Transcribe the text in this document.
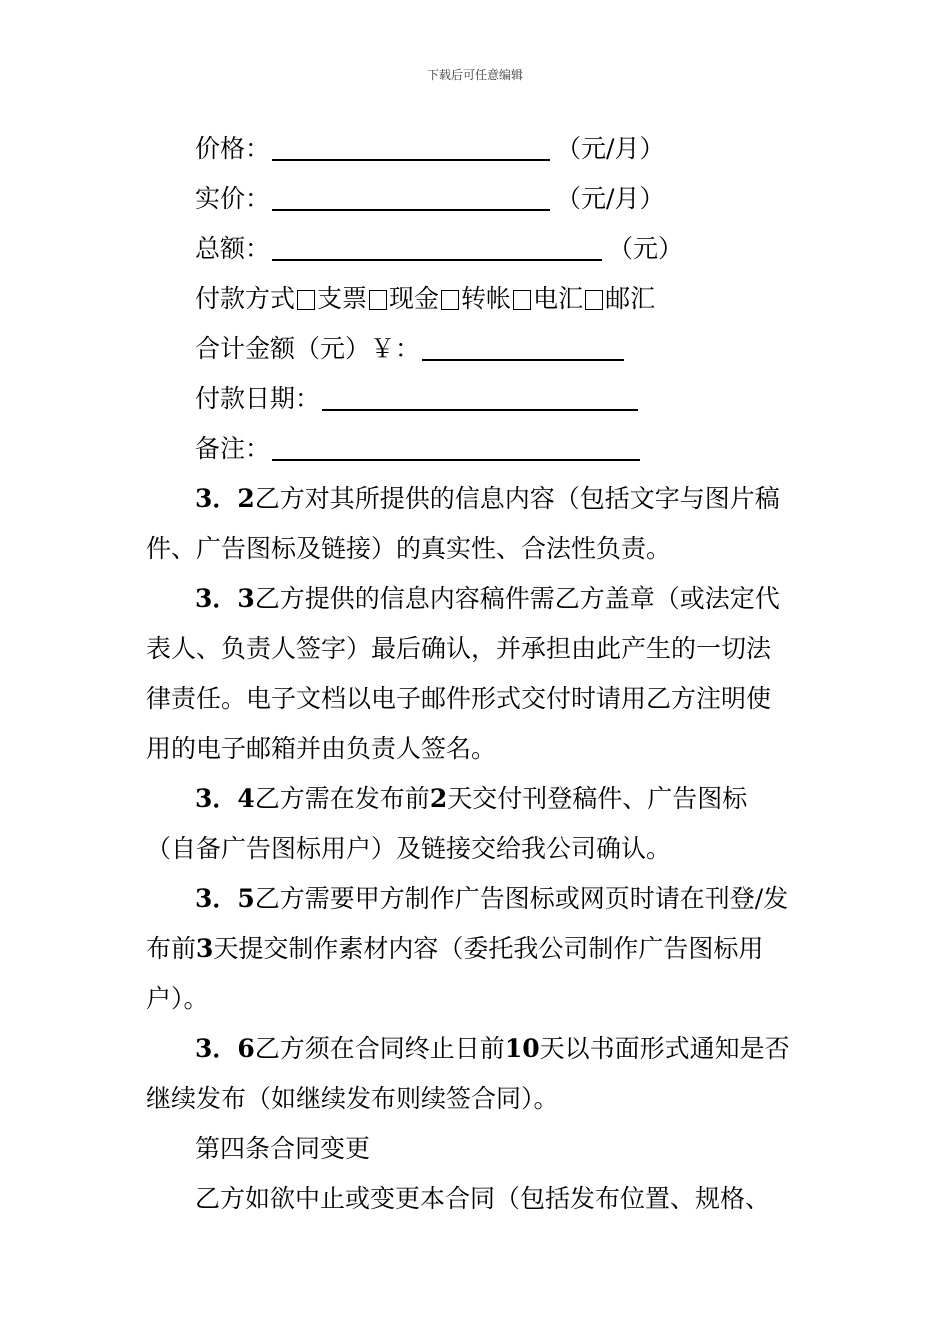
下载后可任意编辑
价格：	（元/月）
实价：	（元/月）
总额：	（元）
付款方式 支票 现金 转帐 电汇 邮汇
合计金额（元）￥：
付款日期：
备注：
3．2乙方对其所提供的信息内容（包括文字与图片稿
件、广告图标及链接）的真实性、合法性负责。
3．3乙方提供的信息内容稿件需乙方盖章（或法定代
表人、负责人签字）最后确认，并承担由此产生的一切法
律责任。电子文档以电子邮件形式交付时请用乙方注明使
用的电子邮箱并由负责人签名。
3．4乙方需在发布前2天交付刊登稿件、广告图标
（自备广告图标用户）及链接交给我公司确认。
3．5乙方需要甲方制作广告图标或网页时请在刊登/发
布前3天提交制作素材内容（委托我公司制作广告图标用
户）。
3．6乙方须在合同终止日前10天以书面形式通知是否
继续发布（如继续发布则续签合同）。
第四条合同变更
乙方如欲中止或变更本合同（包括发布位置、规格、
